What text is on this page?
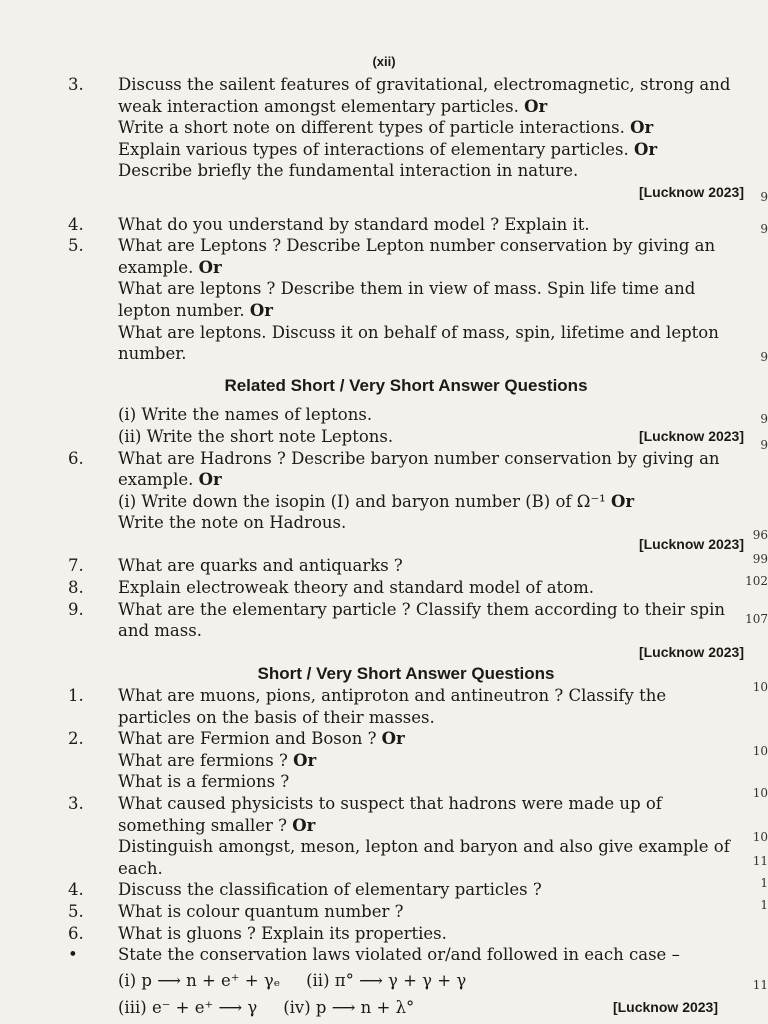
(xii)
3. Discuss the sailent features of gravitational, electromagnetic, strong and weak interaction amongst elementary particles. Or
Write a short note on different types of particle interactions. Or
Explain various types of interactions of elementary particles. Or
Describe briefly the fundamental interaction in nature.
[Lucknow 2023]
4. What do you understand by standard model ? Explain it.
5. What are Leptons ? Describe Lepton number conservation by giving an example. Or
What are leptons ? Describe them in view of mass. Spin life time and lepton number. Or
What are leptons. Discuss it on behalf of mass, spin, lifetime and lepton number.
Related Short / Very Short Answer Questions
(i) Write the names of leptons.
[Lucknow 2023]
(ii) Write the short note Leptons.
6. What are Hadrons ? Describe baryon number conservation by giving an example. Or
(i) Write down the isopin (I) and baryon number (B) of Ω⁻¹ Or
Write the note on Hadrous.
[Lucknow 2023]
7. What are quarks and antiquarks ?
8. Explain electroweak theory and standard model of atom.
9. What are the elementary particle ? Classify them according to their spin and mass.
[Lucknow 2023]
Short / Very Short Answer Questions
1. What are muons, pions, antiproton and antineutron ? Classify the particles on the basis of their masses.
2. What are Fermion and Boson ? Or
What are fermions ? Or
What is a fermions ?
3. What caused physicists to suspect that hadrons were made up of something smaller ? Or
Distinguish amongst, meson, lepton and baryon and also give example of each.
4. Discuss the classification of elementary particles ?
5. What is colour quantum number ?
6. What is gluons ? Explain its properties.
• State the conservation laws violated or/and followed in each case –
(i) p ⟶ n + e⁺ + γₑ (ii) π° ⟶ γ + γ + γ
(iii) e⁻ + e⁺ ⟶ γ (iv) p ⟶ n + λ°	[Lucknow 2023]
9
9
9
9
9
96
99
102
107
10
10
10
10
11
1
1
11
